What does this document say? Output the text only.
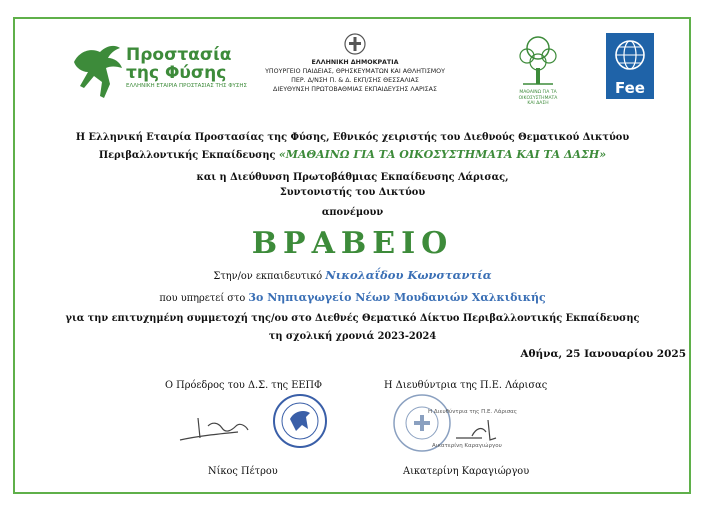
Προστασία
της Φύσης
ΕΛΛΗΝΙΚΗ ΕΤΑΙΡΙΑ ΠΡΟΣΤΑΣΙΑΣ ΤΗΣ ΦΥΣΗΣ
ΕΛΛΗΝΙΚΗ ΔΗΜΟΚΡΑΤΙΑ
ΥΠΟΥΡΓΕΙΟ ΠΑΙΔΕΙΑΣ, ΘΡΗΣΚΕΥΜΑΤΩΝ ΚΑΙ ΑΘΛΗΤΙΣΜΟΥ
ΠΕΡ. Δ/ΝΣΗ Π. & Δ. ΕΚΠ/ΣΗΣ ΘΕΣΣΑΛΙΑΣ
ΔΙΕΥΘΥΝΣΗ ΠΡΩΤΟΒΑΘΜΙΑΣ ΕΚΠΑΙΔΕΥΣΗΣ ΛΑΡΙΣΑΣ	ΜΑΘΑΙΝΩ ΓΙΑ ΤΑ
ΟΙΚΟΣΥΣΤΗΜΑΤΑ
ΚΑΙ ΔΑΣΗ
Fee
Η Ελληνική Εταιρία Προστασίας της Φύσης, Εθνικός χειριστής του Διεθνούς Θεματικού Δικτύου
Περιβαλλοντικής Εκπαίδευσης «ΜΑΘΑΙΝΩ ΓΙΑ ΤΑ ΟΙΚΟΣΥΣΤΗΜΑΤΑ ΚΑΙ ΤΑ ΔΑΣΗ»
και η Διεύθυνση Πρωτοβάθμιας Εκπαίδευσης Λάρισας,
Συντονιστής του Δικτύου
απονέμουν
ΒΡΑΒΕΙΟ
Στην/ον εκπαιδευτικό Νικολαΐδου Κωνσταντία
που υπηρετεί στο 3ο Νηπιαγωγείο Νέων Μουδανιών Χαλκιδικής
για την επιτυχημένη συμμετοχή της/ου στο Διεθνές Θεματικό Δίκτυο Περιβαλλοντικής Εκπαίδευσης
τη σχολική χρονιά 2023-2024
Αθήνα, 25 Ιανουαρίου 2025
Ο Πρόεδρος του Δ.Σ. της ΕΕΠΦ	Η Διευθύντρια της Π.Ε. Λάρισας
Η Διευθύντρια της Π.Ε. Λάρισας
Αικατερίνη Καραγιώργου
Νίκος Πέτρου	Αικατερίνη Καραγιώργου
